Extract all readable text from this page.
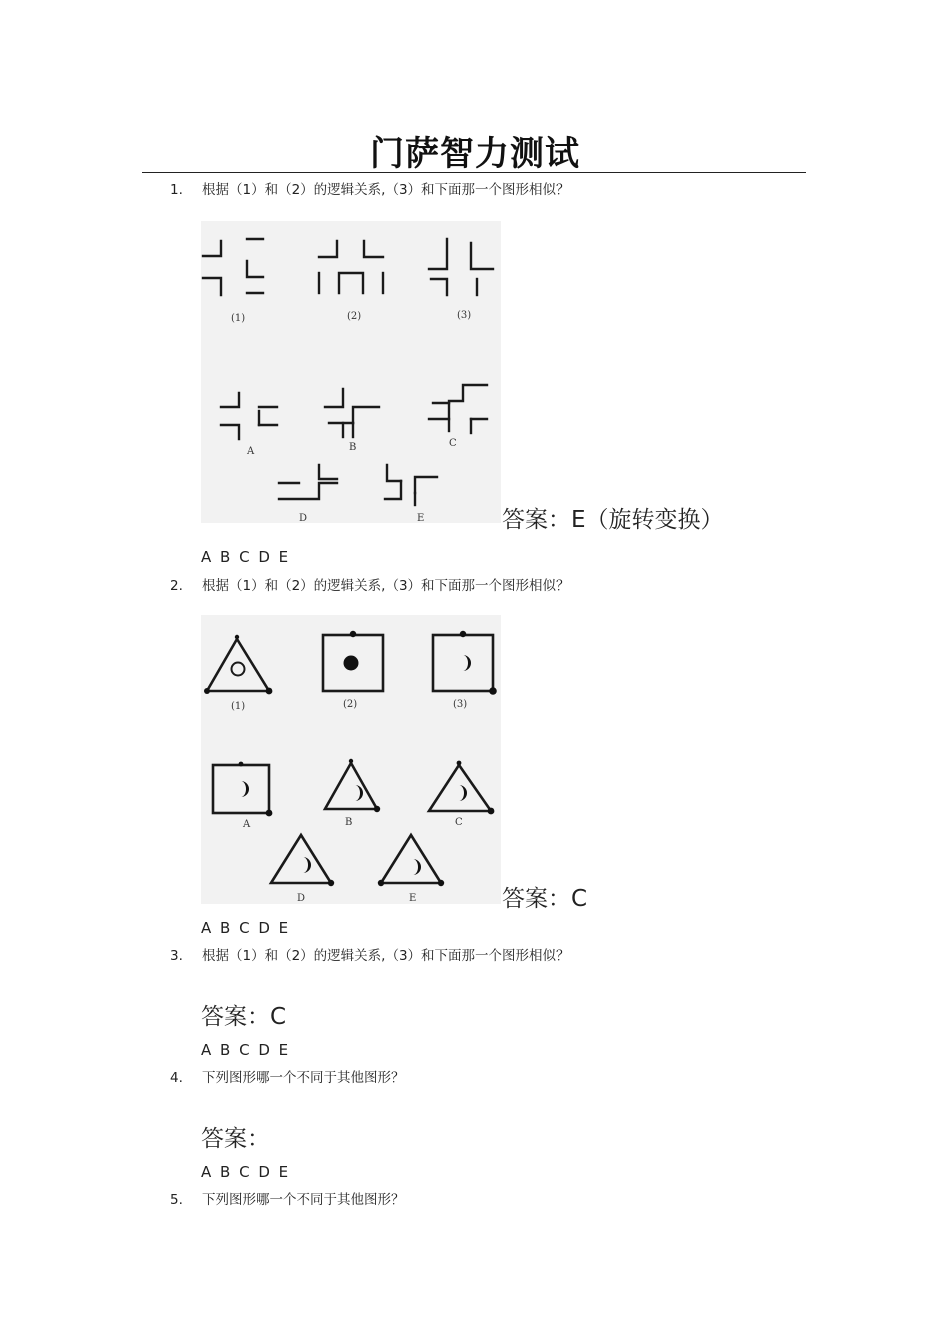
门萨智力测试
1. 根据（1）和（2）的逻辑关系,（3）和下面那一个图形相似？
(1)	(2)	(3)
A	B	C
D	E	答案：E（旋转变换）
A B C D E
2. 根据（1）和（2）的逻辑关系,（3）和下面那一个图形相似？
(1)	(2)	(3)
A	B	C
D	E	答案：C
A B C D E
3. 根据（1）和（2）的逻辑关系,（3）和下面那一个图形相似？
答案：C
A B C D E
4. 下列图形哪一个不同于其他图形？
答案：
A B C D E
5. 下列图形哪一个不同于其他图形？
